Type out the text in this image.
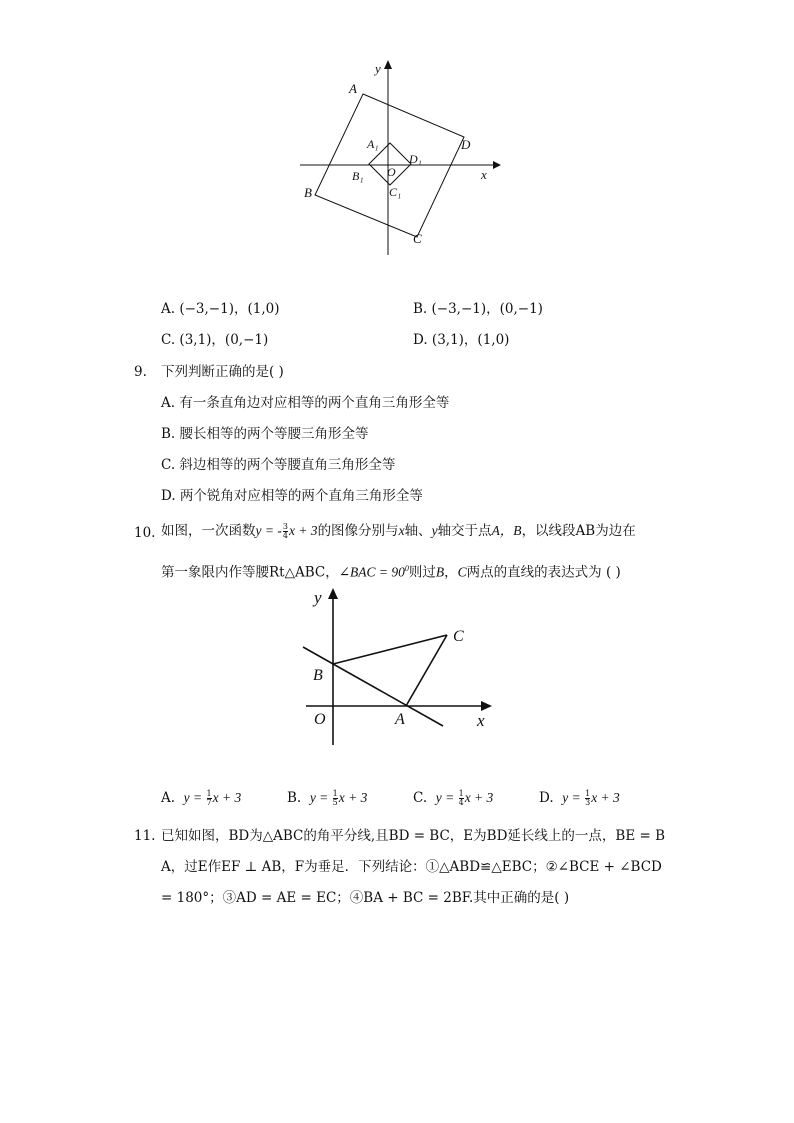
A
D
C
B
A₁
D₁
B₁
C₁
O	x
y
A. (−3,−1)，(1,0)	B. (−3,−1)，(0,−1)
C. (3,1)，(0,−1)	D. (3,1)，(1,0)
9. 下列判断正确的是( )
A. 有一条直角边对应相等的两个直角三角形全等
B. 腰长相等的两个等腰三角形全等
C. 斜边相等的两个等腰直角三角形全等
D. 两个锐角对应相等的两个直角三角形全等
10. 如图，一次函数y = - $\frac{3}{4}$ x + 3的图像分别与x轴、y轴交于点A，B，以线段AB为边在
第一象限内作等腰Rt△ABC，∠BAC = $90^0$则过B，C两点的直线的表达式为 ( )
y
x
O	A
B
C
A. $y = \frac{1}{7}$ x + 3	B. $y = \frac{1}{5}$ x + 3	C. $y = \frac{1}{4}$ x + 3	D. $y = \frac{1}{3}$ x + 3
11. 已知如图，BD为△ABC的角平分线,且BD = BC，E为BD延长线上的一点，BE = B
A，过E作EF ⊥ AB，F为垂足．下列结论：①△ABD≌△EBC；②∠BCE + ∠BCD
= 180°；③AD = AE = EC；④BA + BC = 2BF.其中正确的是( )
